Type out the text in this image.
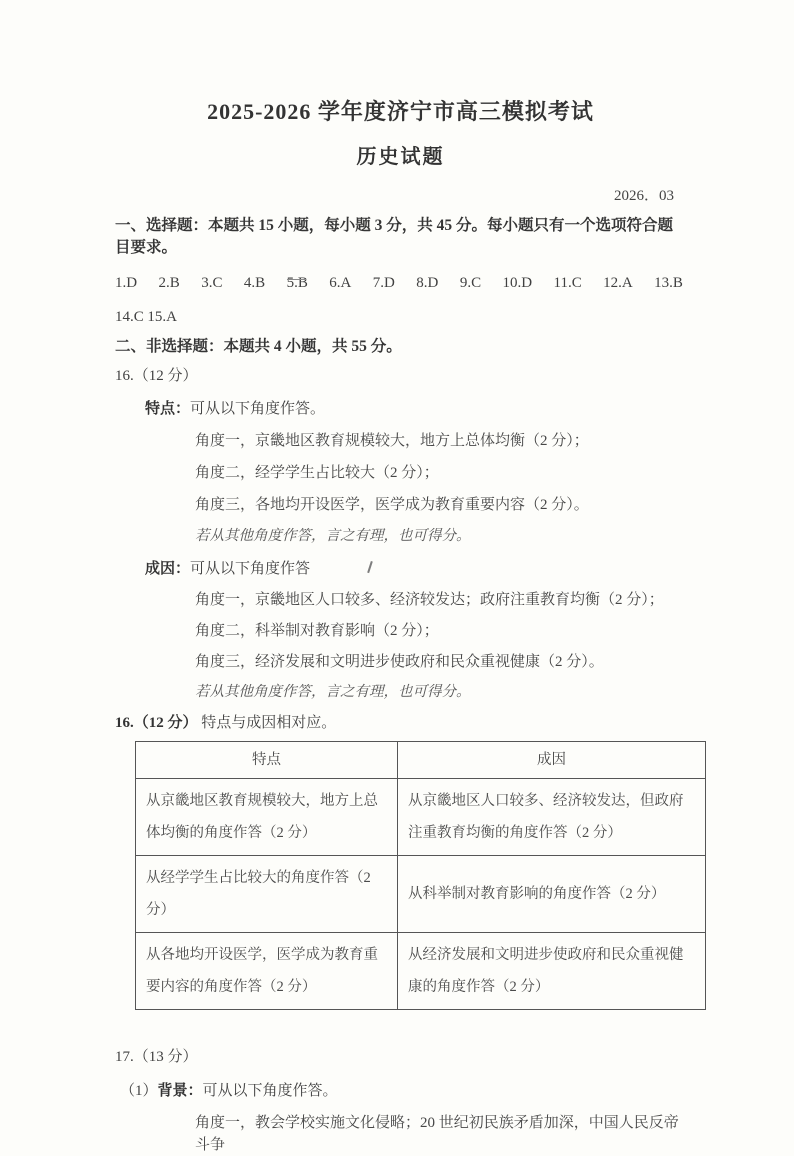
2025-2026 学年度济宁市高三模拟考试
历史试题
2026．03
一、选择题：本题共 15 小题，每小题 3 分，共 45 分。每小题只有一个选项符合题目要求。
1.D 2.B 3.C 4.B 5.B 6.A 7.D 8.D 9.C 10.D 11.C 12.A 13.B
14.C 15.A
二、非选择题：本题共 4 小题，共 55 分。
16.（12 分）
特点：可从以下角度作答。
角度一，京畿地区教育规模较大，地方上总体均衡（2 分）；
角度二，经学学生占比较大（2 分）；
角度三，各地均开设医学，医学成为教育重要内容（2 分）。
若从其他角度作答，言之有理，也可得分。
成因：可从以下角度作答
角度一，京畿地区人口较多、经济较发达；政府注重教育均衡（2 分）；
角度二，科举制对教育影响（2 分）；
角度三，经济发展和文明进步使政府和民众重视健康（2 分）。
若从其他角度作答，言之有理，也可得分。
16.（12 分） 特点与成因相对应。
特点	成因
从京畿地区教育规模较大，地方上总体均衡的角度作答（2 分）	从京畿地区人口较多、经济较发达，但政府注重教育均衡的角度作答（2 分）
从经学学生占比较大的角度作答（2 分）	从科举制对教育影响的角度作答（2 分）
从各地均开设医学，医学成为教育重要内容的角度作答（2 分）	从经济发展和文明进步使政府和民众重视健康的角度作答（2 分）
17.（13 分）
（1）背景：可从以下角度作答。
角度一，教会学校实施文化侵略；20 世纪初民族矛盾加深，中国人民反帝斗争
